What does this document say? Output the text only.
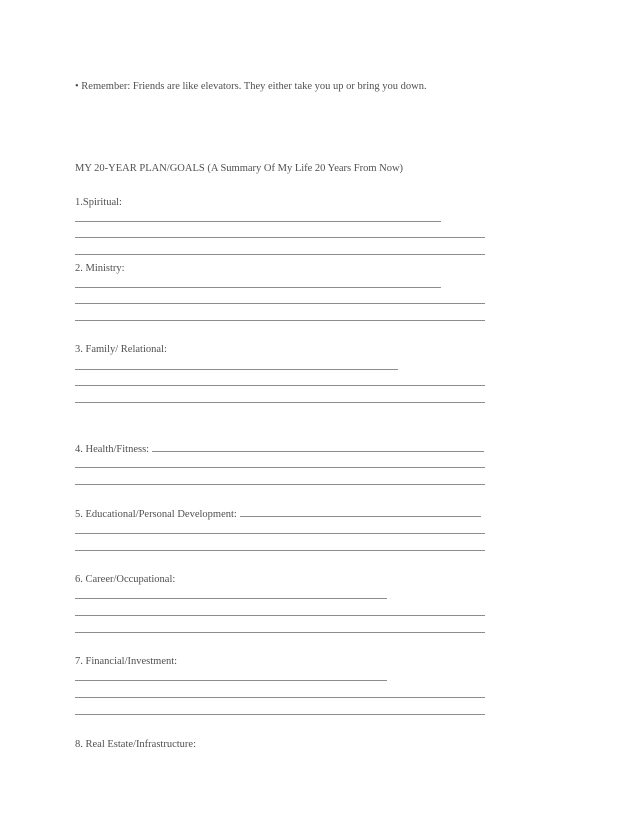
• Remember: Friends are like elevators. They either take you up or bring you down.
MY 20-YEAR PLAN/GOALS (A Summary Of My Life 20 Years From Now)
1.Spiritual:
2. Ministry:
3. Family/ Relational:
4. Health/Fitness:
5. Educational/Personal Development:
6. Career/Occupational:
7. Financial/Investment:
8. Real Estate/Infrastructure:
